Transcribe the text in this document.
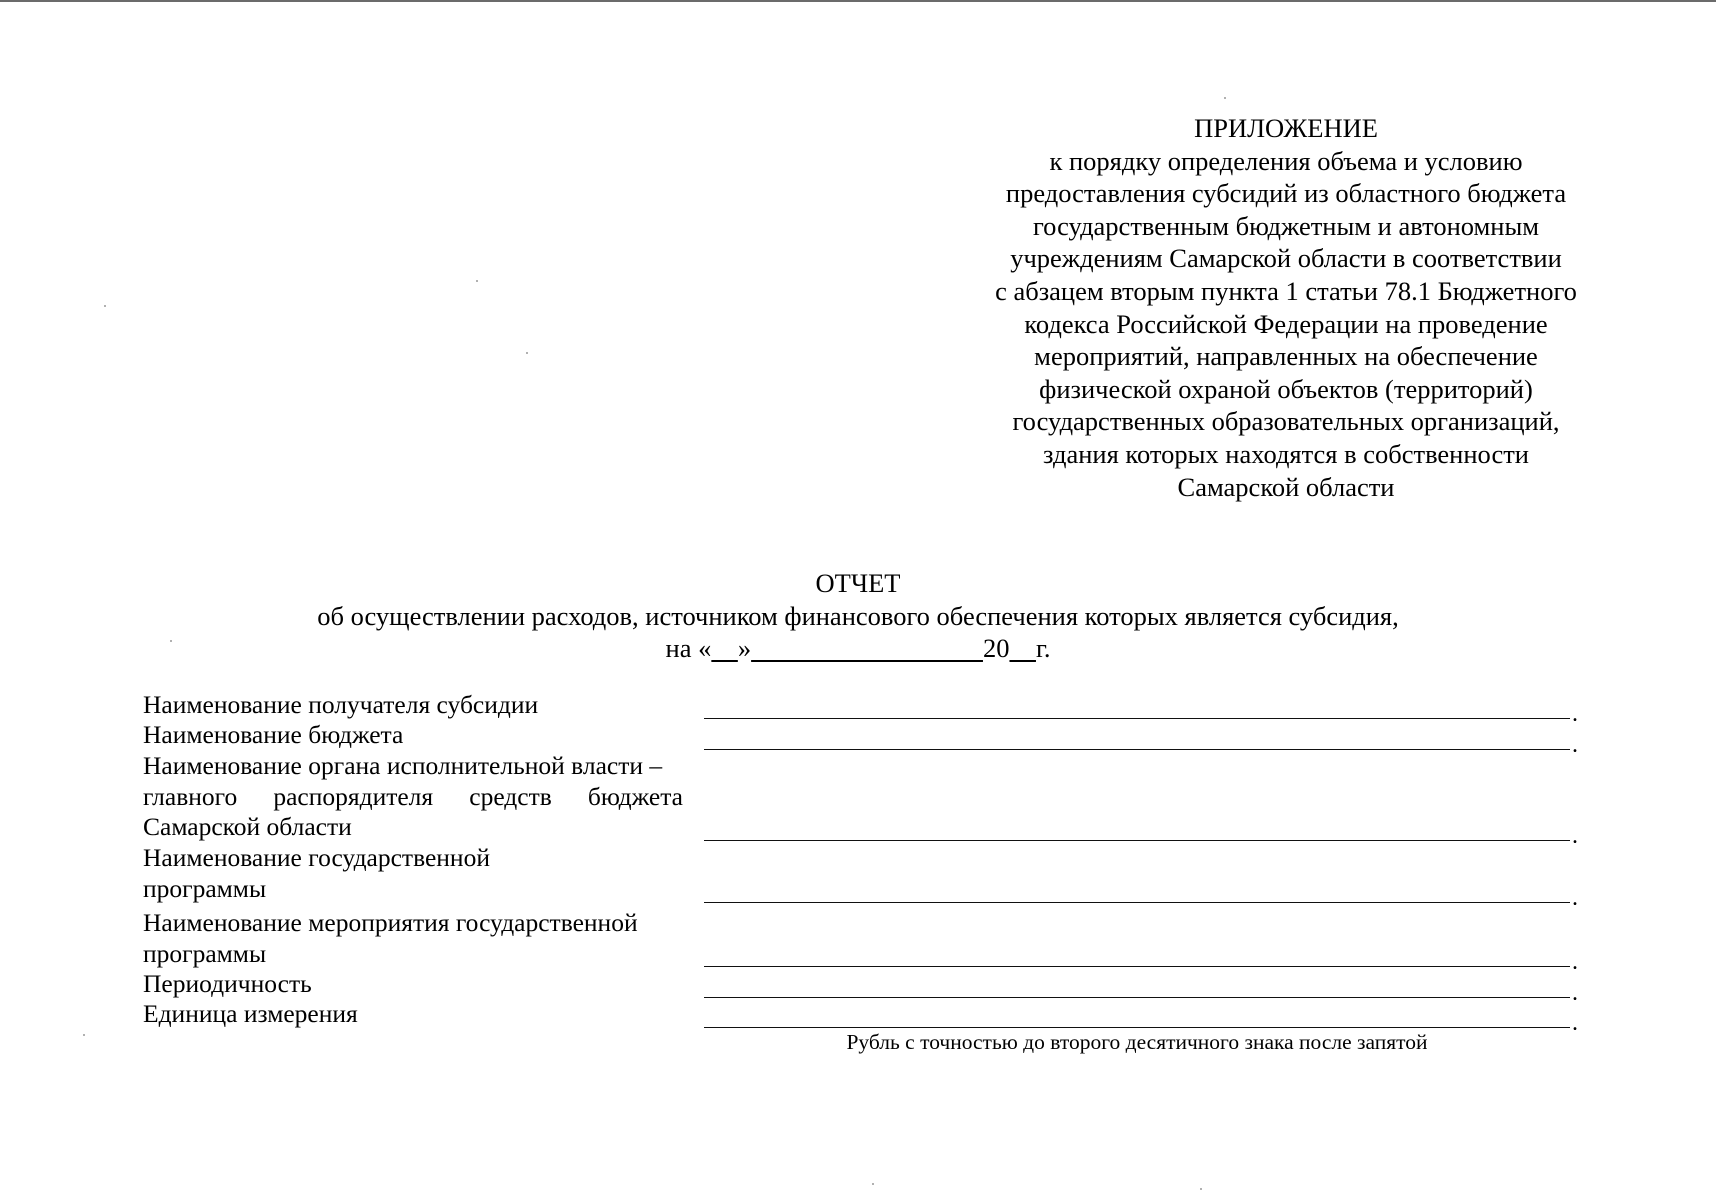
ПРИЛОЖЕНИЕ
к порядку определения объема и условию
предоставления субсидий из областного бюджета
государственным бюджетным и автономным
учреждениям Самарской области в соответствии
с абзацем вторым пункта 1 статьи 78.1 Бюджетного
кодекса Российской Федерации на проведение
мероприятий, направленных на обеспечение
физической охраной объектов (территорий)
государственных образовательных организаций,
здания которых находятся в собственности
Самарской области
ОТЧЕТ
об осуществлении расходов, источником финансового обеспечения которых является субсидия,
на « »	20 г.
Наименование получателя субсидии
Наименование бюджета
Наименование органа исполнительной власти –
главного распорядителя средств бюджета
Самарской области
Наименование государственной
программы
Наименование мероприятия государственной
программы
Периодичность
Единица измерения
.
.
.
.
.
.
.
Рубль с точностью до второго десятичного знака после запятой
